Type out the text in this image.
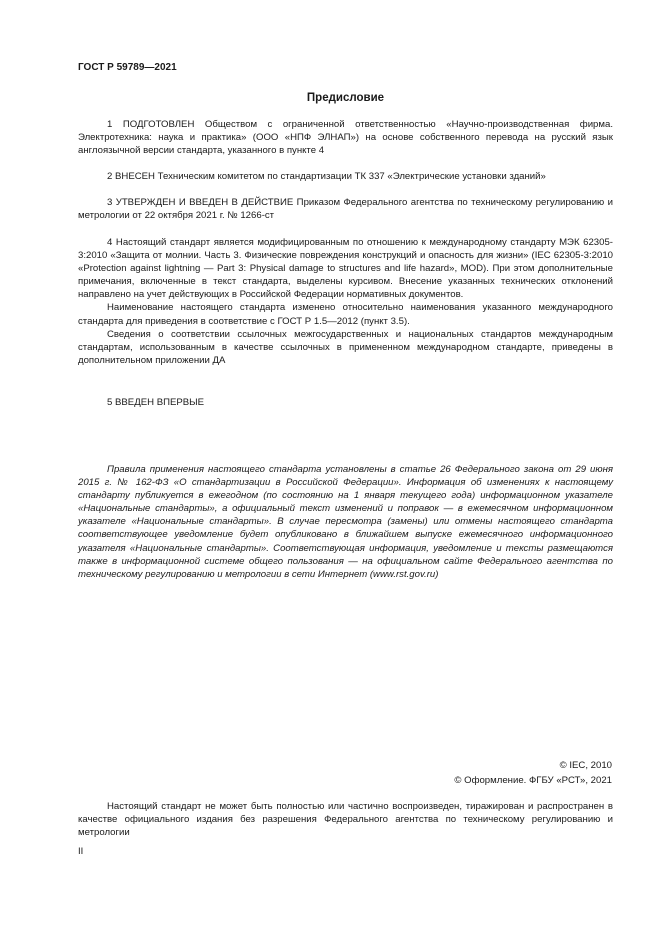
ГОСТ Р 59789—2021
Предисловие

1 ПОДГОТОВЛЕН Обществом с ограниченной ответственностью «Научно-производственная фирма. Электротехника: наука и практика» (ООО «НПФ ЭЛНАП») на основе собственного перевода на русский язык англоязычной версии стандарта, указанного в пункте 4

2 ВНЕСЕН Техническим комитетом по стандартизации ТК 337 «Электрические установки зданий»

3 УТВЕРЖДЕН И ВВЕДЕН В ДЕЙСТВИЕ Приказом Федерального агентства по техническому регулированию и метрологии от 22 октября 2021 г. № 1266-ст

4 Настоящий стандарт является модифицированным по отношению к международному стандарту МЭК 62305-3:2010 «Защита от молнии. Часть 3. Физические повреждения конструкций и опасность для жизни» (IEC 62305-3:2010 «Protection against lightning — Part 3: Physical damage to structures and life hazard», MOD). При этом дополнительные примечания, включенные в текст стандарта, выделены курсивом. Внесение указанных технических отклонений направлено на учет действующих в Российской Федерации нормативных документов.

Наименование настоящего стандарта изменено относительно наименования указанного международного стандарта для приведения в соответствие с ГОСТ Р 1.5—2012 (пункт 3.5).

Сведения о соответствии ссылочных межгосударственных и национальных стандартов международным стандартам, использованным в качестве ссылочных в примененном международном стандарте, приведены в дополнительном приложении ДА

5 ВВЕДЕН ВПЕРВЫЕ

Правила применения настоящего стандарта установлены в статье 26 Федерального закона от 29 июня 2015 г. № 162-ФЗ «О стандартизации в Российской Федерации». Информация об изменениях к настоящему стандарту публикуется в ежегодном (по состоянию на 1 января текущего года) информационном указателе «Национальные стандарты», а официальный текст изменений и поправок — в ежемесячном информационном указателе «Национальные стандарты». В случае пересмотра (замены) или отмены настоящего стандарта соответствующее уведомление будет опубликовано в ближайшем выпуске ежемесячного информационного указателя «Национальные стандарты». Соответствующая информация, уведомление и тексты размещаются также в информационной системе общего пользования — на официальном сайте Федерального агентства по техническому регулированию и метрологии в сети Интернет (www.rst.gov.ru)

© IEC, 2010
© Оформление. ФГБУ «РСТ», 2021

Настоящий стандарт не может быть полностью или частично воспроизведен, тиражирован и распространен в качестве официального издания без разрешения Федерального агентства по техническому регулированию и метрологии

II
